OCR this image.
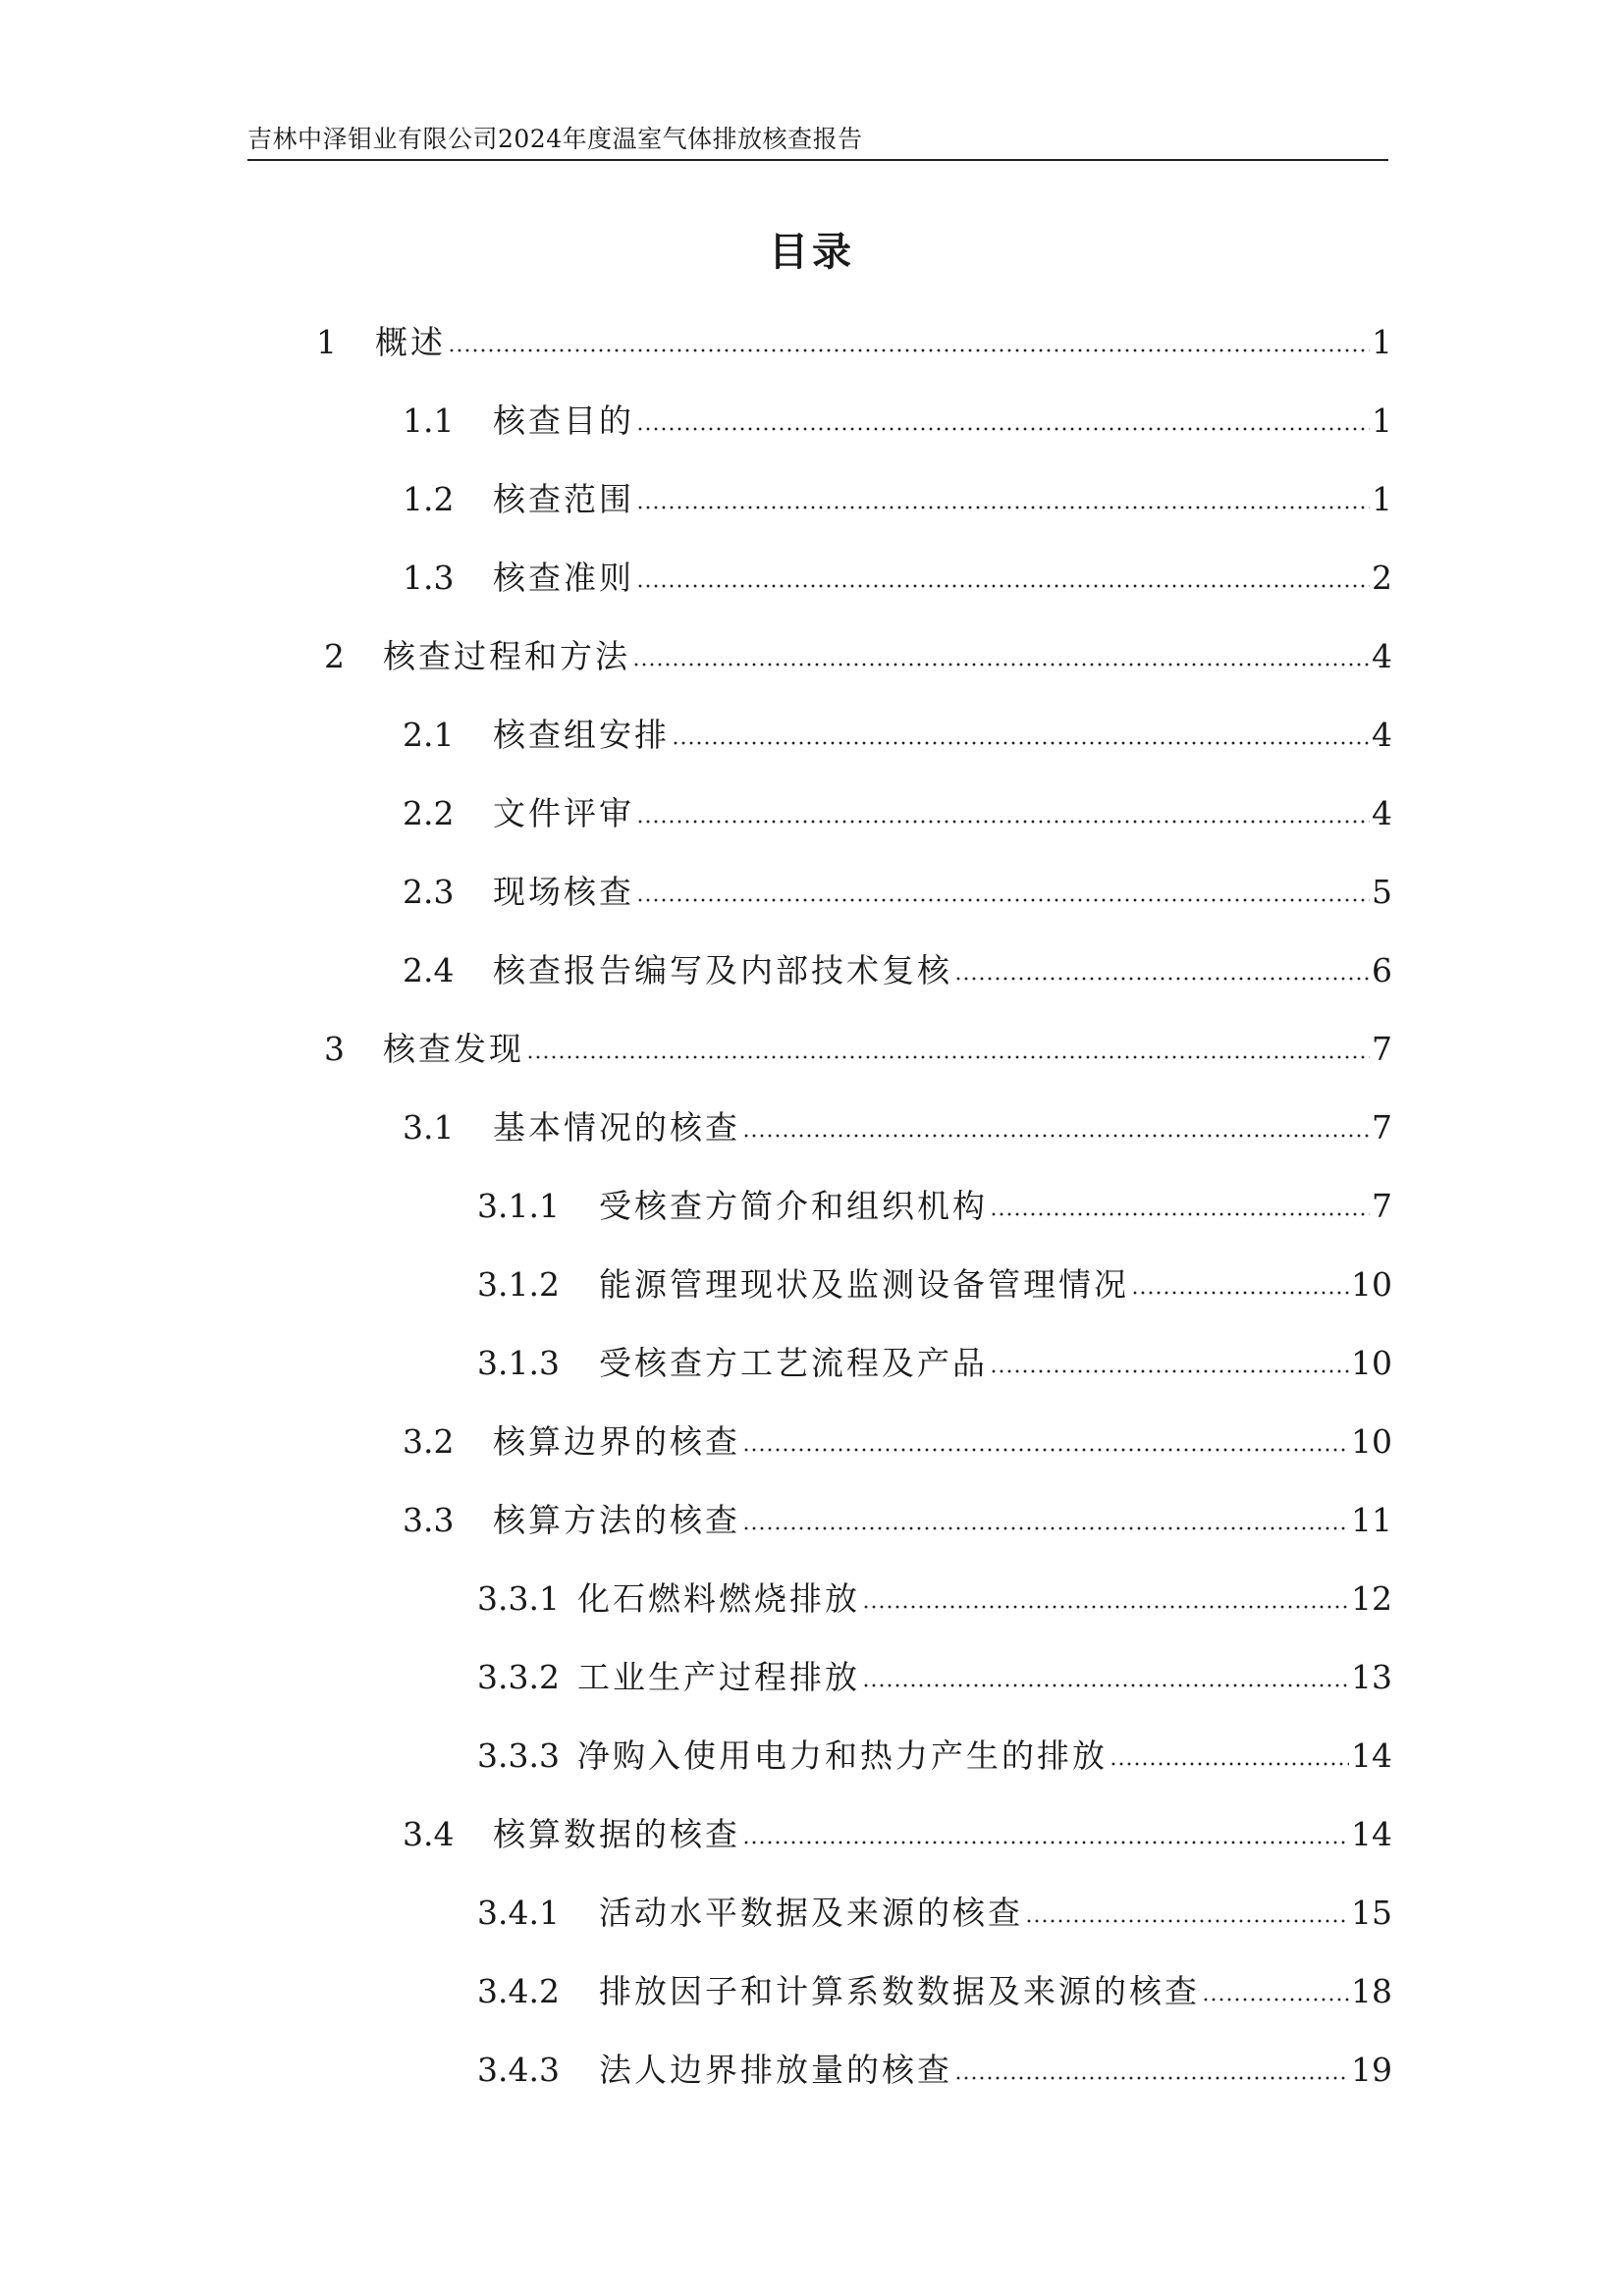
吉林中泽钼业有限公司2024年度温室气体排放核查报告
目录
1	概述	1
1.1	核查目的	1
1.2	核查范围	1
1.3	核查准则	2
2	核查过程和方法	4
2.1	核查组安排	4
2.2	文件评审	4
2.3	现场核查	5
2.4	核查报告编写及内部技术复核	6
3	核查发现	7
3.1	基本情况的核查	7
3.1.1	受核查方简介和组织机构	7
3.1.2	能源管理现状及监测设备管理情况	10
3.1.3	受核查方工艺流程及产品	10
3.2	核算边界的核查	10
3.3	核算方法的核查	11
3.3.1 化石燃料燃烧排放	12
3.3.2 工业生产过程排放	13
3.3.3 净购入使用电力和热力产生的排放	14
3.4	核算数据的核查	14
3.4.1	活动水平数据及来源的核查	15
3.4.2	排放因子和计算系数数据及来源的核查	18
3.4.3	法人边界排放量的核查	19
